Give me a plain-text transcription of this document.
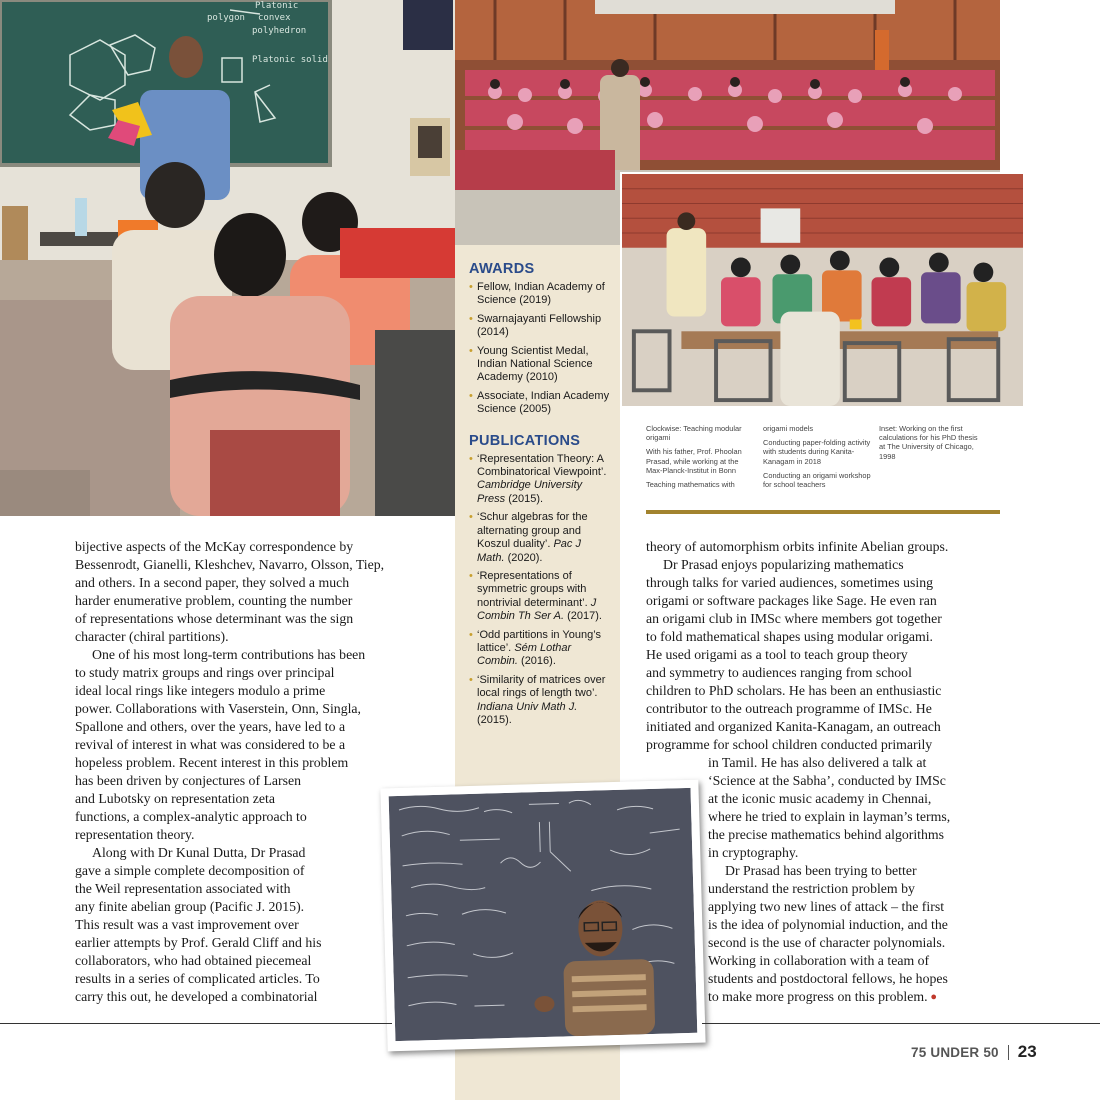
polygon
Platonic
convex
polyhedron
Platonic solid
AWARDS
• Fellow, Indian Academy of Science (2019)
• Swarnajayanti Fellowship (2014)
• Young Scientist Medal, Indian National Science Academy (2010)
• Associate, Indian Academy Science (2005)
PUBLICATIONS
• ‘Representation Theory: A Combinatorical Viewpoint’. Cambridge University Press (2015).
• ‘Schur algebras for the alternating group and Koszul duality’. Pac J Math. (2020).
• ‘Representations of symmetric groups with nontrivial determinant’. J Combin Th Ser A. (2017).
• ‘Odd partitions in Young’s lattice’. Sém Lothar Combin. (2016).
• ‘Similarity of matrices over local rings of length two’. Indiana Univ Math J. (2015).

Clockwise: Teaching modular origami

With his father, Prof. Phoolan Prasad, while working at the Max-Planck-Institut in Bonn

Teaching mathematics with

origami models

Conducting paper-folding activity with students during Kanita-Kanagam in 2018

Conducting an origami workshop for school teachers

Inset: Working on the first calculations for his PhD thesis at The University of Chicago, 1998

bijective aspects of the McKay correspondence by

Bessenrodt, Gianelli, Kleshchev, Navarro, Olsson, Tiep,

and others. In a second paper, they solved a much

harder enumerative problem, counting the number

of representations whose determinant was the sign

character (chiral partitions).

One of his most long-term contributions has been

to study matrix groups and rings over principal

ideal local rings like integers modulo a prime

power. Collaborations with Vaserstein, Onn, Singla,

Spallone and others, over the years, have led to a

revival of interest in what was considered to be a

hopeless problem. Recent interest in this problem

has been driven by conjectures of Larsen

and Lubotsky on representation zeta

functions, a complex-analytic approach to

representation theory.

Along with Dr Kunal Dutta, Dr Prasad

gave a simple complete decomposition of

the Weil representation associated with

any finite abelian group (Pacific J. 2015).

This result was a vast improvement over

earlier attempts by Prof. Gerald Cliff and his

collaborators, who had obtained piecemeal

results in a series of complicated articles. To

carry this out, he developed a combinatorial

theory of automorphism orbits infinite Abelian groups.

Dr Prasad enjoys popularizing mathematics

through talks for varied audiences, sometimes using

origami or software packages like Sage. He even ran

an origami club in IMSc where members got together

to fold mathematical shapes using modular origami.

He used origami as a tool to teach group theory

and symmetry to audiences ranging from school

children to PhD scholars. He has been an enthusiastic

contributor to the outreach programme of IMSc. He

initiated and organized Kanita-Kanagam, an outreach

programme for school children conducted primarily

in Tamil. He has also delivered a talk at

‘Science at the Sabha’, conducted by IMSc

at the iconic music academy in Chennai,

where he tried to explain in layman’s terms,

the precise mathematics behind algorithms

in cryptography.

Dr Prasad has been trying to better

understand the restriction problem by

applying two new lines of attack – the first

is the idea of polynomial induction, and the

second is the use of character polynomials.

Working in collaboration with a team of

students and postdoctoral fellows, he hopes

to make more progress on this problem. ●

75 UNDER 50 23
